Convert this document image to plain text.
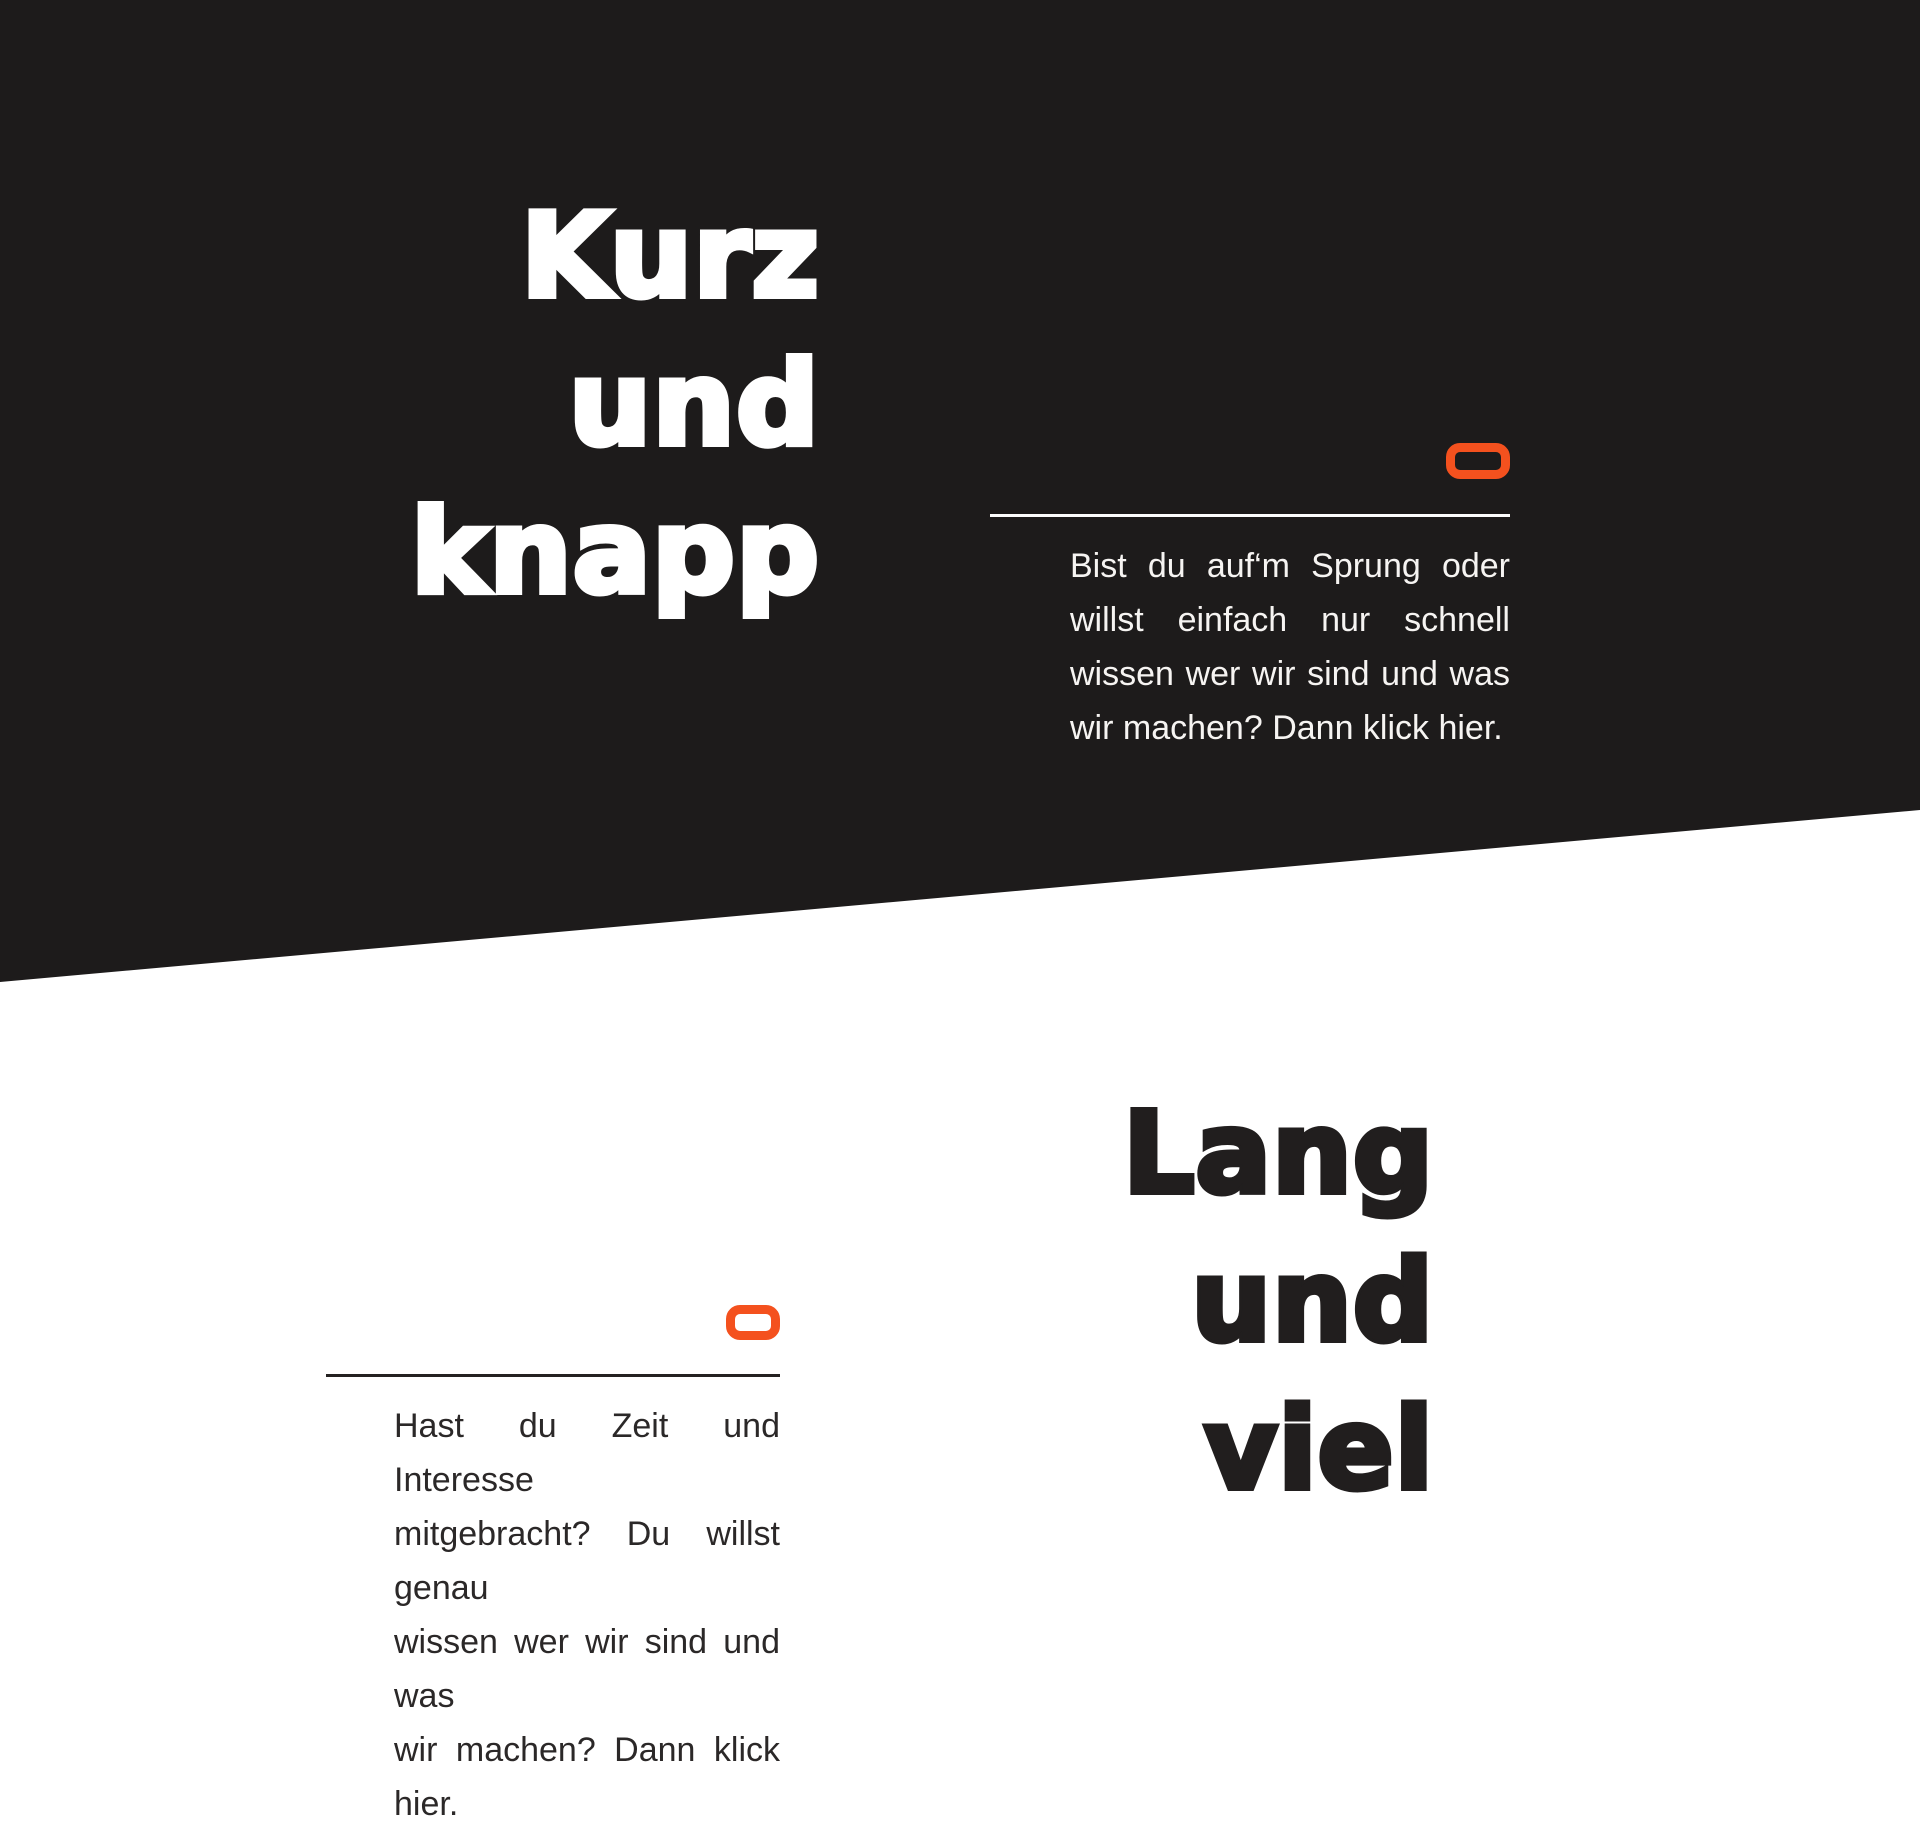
Kurz
und
knapp	Bist du auf‘m Sprung oder
willst einfach nur schnell
wissen wer wir sind und was
wir machen? Dann klick hier.

Lang
und
viel

Hast du Zeit und Interesse
mitgebracht? Du willst genau
wissen wer wir sind und was
wir machen? Dann klick hier.
